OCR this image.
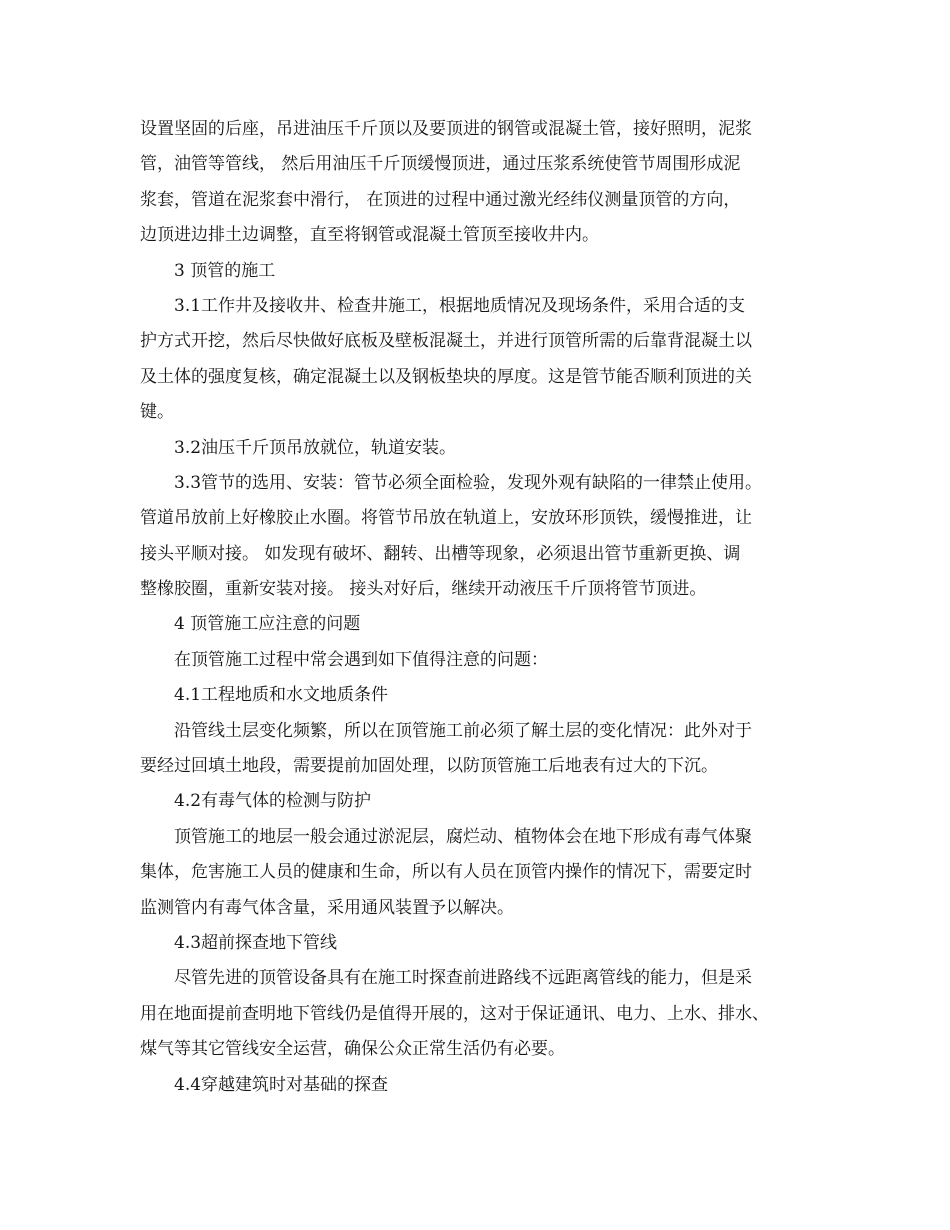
设置坚固的后座，吊进油压千斤顶以及要顶进的钢管或混凝土管，接好照明，泥浆
管，油管等管线， 然后用油压千斤顶缓慢顶进，通过压浆系统使管节周围形成泥
浆套，管道在泥浆套中滑行， 在顶进的过程中通过激光经纬仪测量顶管的方向，
边顶进边排土边调整，直至将钢管或混凝土管顶至接收井内。
3 顶管的施工
3.1工作井及接收井、检查井施工，根据地质情况及现场条件，采用合适的支
护方式开挖，然后尽快做好底板及壁板混凝土，并进行顶管所需的后靠背混凝土以
及土体的强度复核，确定混凝土以及钢板垫块的厚度。这是管节能否顺利顶进的关
键。
3.2油压千斤顶吊放就位，轨道安装。
3.3管节的选用、安装：管节必须全面检验，发现外观有缺陷的一律禁止使用。
管道吊放前上好橡胶止水圈。将管节吊放在轨道上，安放环形顶铁，缓慢推进，让
接头平顺对接。 如发现有破坏、翻转、出槽等现象，必须退出管节重新更换、调
整橡胶圈，重新安装对接。 接头对好后，继续开动液压千斤顶将管节顶进。
4 顶管施工应注意的问题
在顶管施工过程中常会遇到如下值得注意的问题：
4.1工程地质和水文地质条件
沿管线土层变化频繁，所以在顶管施工前必须了解土层的变化情况：此外对于
要经过回填土地段，需要提前加固处理，以防顶管施工后地表有过大的下沉。
4.2有毒气体的检测与防护
顶管施工的地层一般会通过淤泥层，腐烂动、植物体会在地下形成有毒气体聚
集体，危害施工人员的健康和生命，所以有人员在顶管内操作的情况下，需要定时
监测管内有毒气体含量，采用通风装置予以解决。
4.3超前探查地下管线
尽管先进的顶管设备具有在施工时探查前进路线不远距离管线的能力，但是采
用在地面提前查明地下管线仍是值得开展的，这对于保证通讯、电力、上水、排水、
煤气等其它管线安全运营，确保公众正常生活仍有必要。
4.4穿越建筑时对基础的探查
